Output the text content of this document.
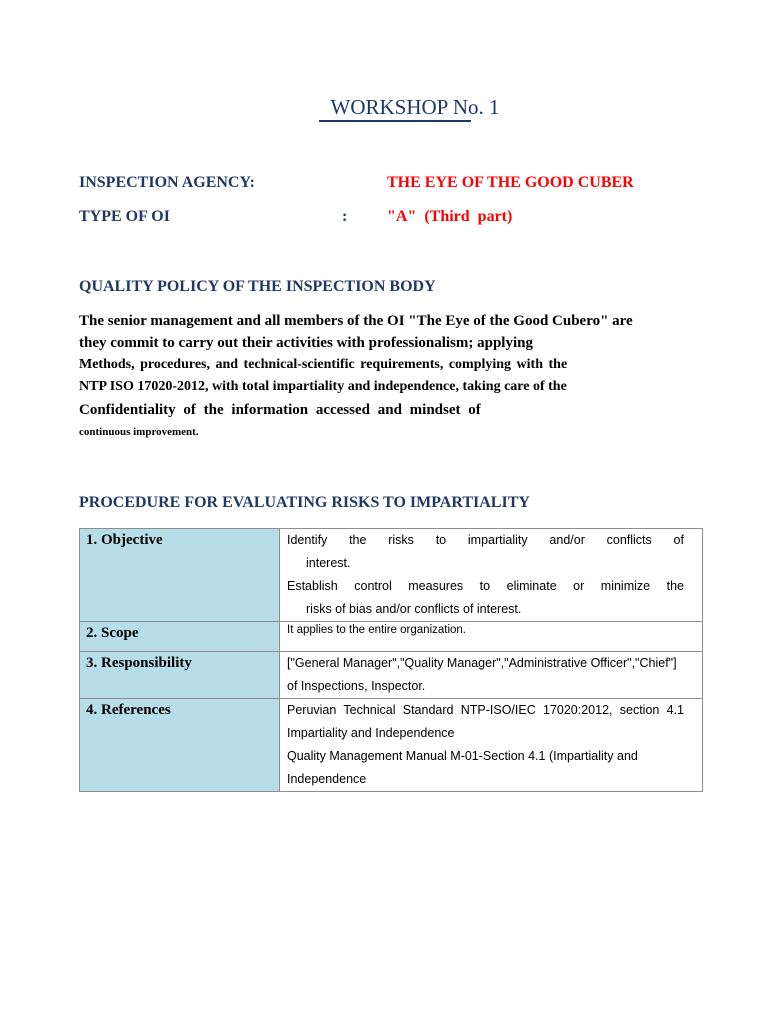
WORKSHOP No. 1
INSPECTION AGENCY:	THE EYE OF THE GOOD CUBER
TYPE OF OI	: "A"  (Third  part)
QUALITY POLICY OF THE INSPECTION BODY
The senior management and all members of the OI "The Eye of the Good Cubero" are
they commit to carry out their activities with professionalism; applying
Methods, procedures, and technical-scientific requirements, complying with the
NTP ISO 17020-2012, with total impartiality and independence, taking care of the
Confidentiality of the information accessed and mindset of
continuous improvement.
PROCEDURE FOR EVALUATING RISKS TO IMPARTIALITY
1. Objective	Identify the risks to impartiality and/or conflicts of
interest.
Establish control measures to eliminate or minimize the
risks of bias and/or conflicts of interest.

2. Scope	It applies to the entire organization.

3. Responsibility	["General Manager","Quality Manager","Administrative Officer","Chief"]
of Inspections, Inspector.

4. References	Peruvian Technical Standard NTP-ISO/IEC 17020:2012, section 4.1
Impartiality and Independence
Quality Management Manual M-01-Section 4.1 (Impartiality and
Independence
